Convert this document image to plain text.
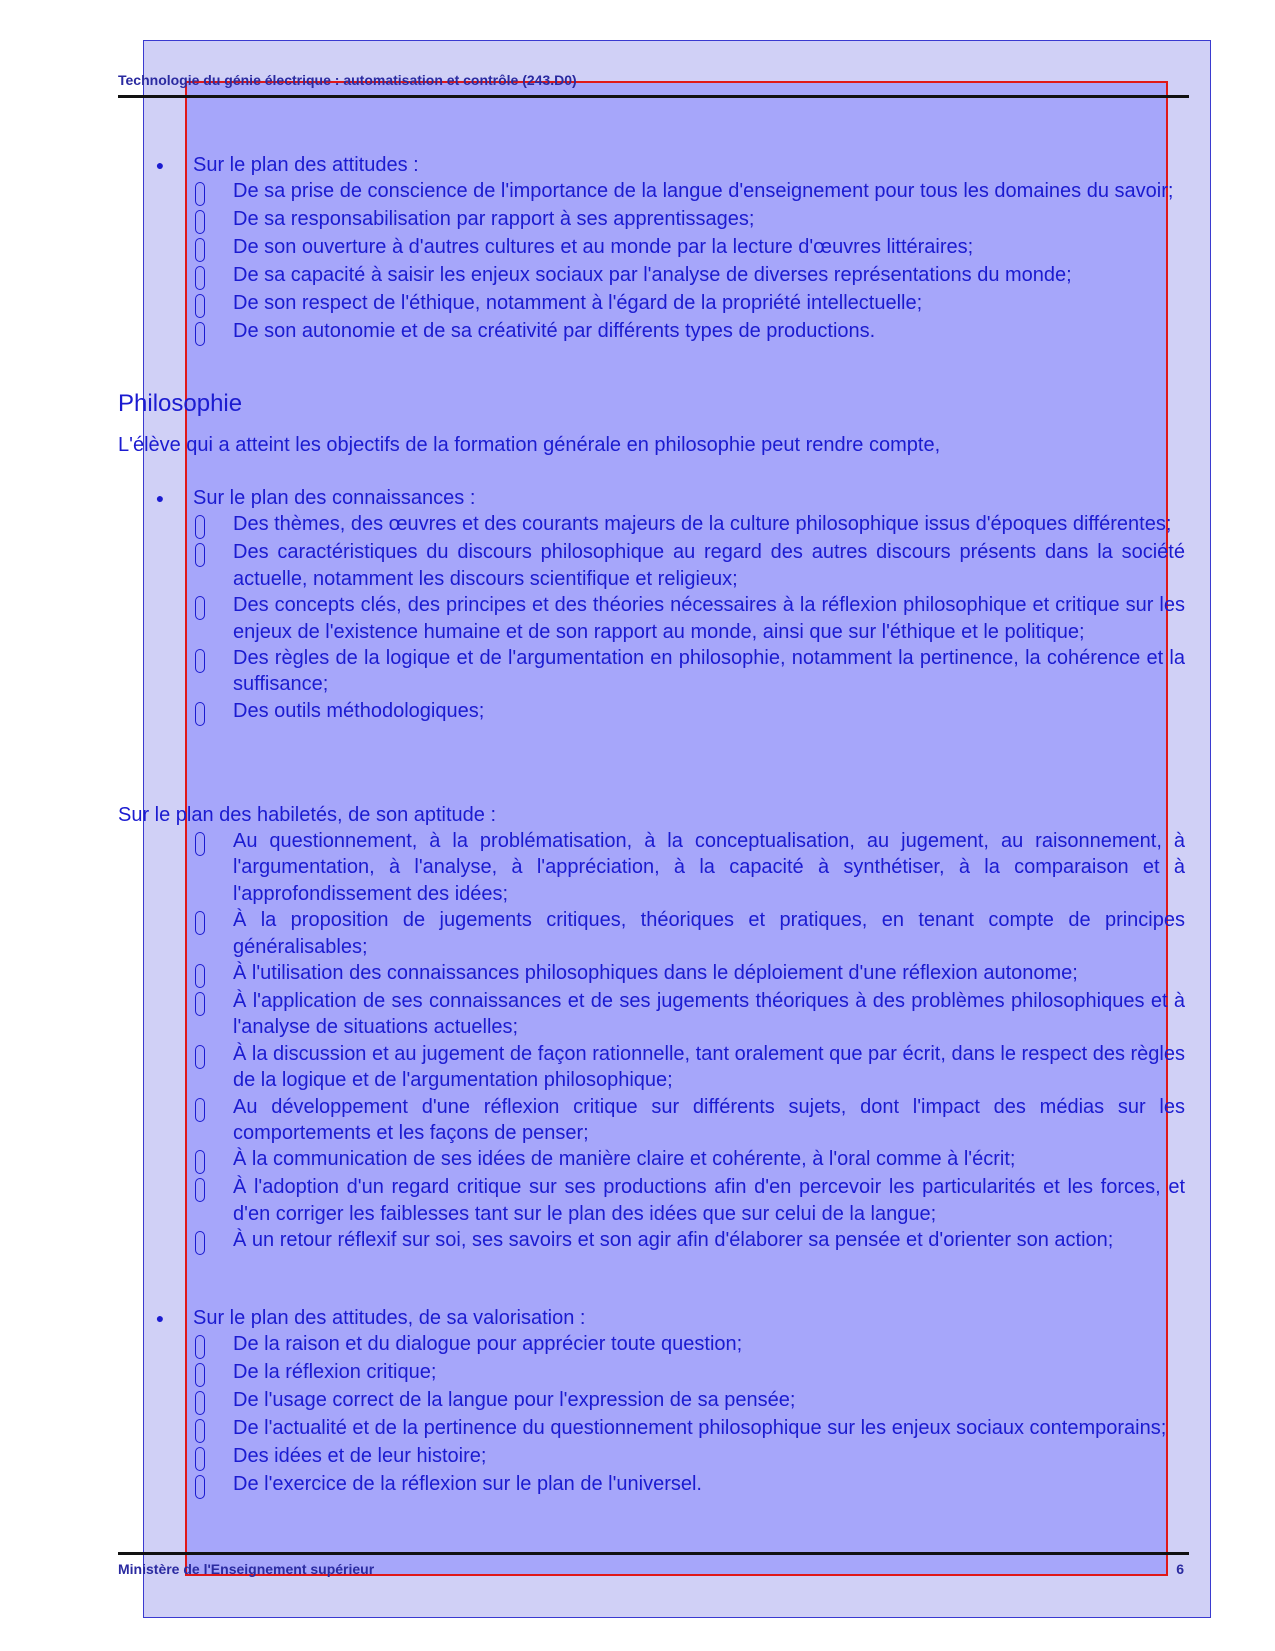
Technologie du génie électrique : automatisation et contrôle (243.D0)
● Sur le plan des attitudes :
De sa prise de conscience de l'importance de la langue d'enseignement pour tous les domaines du savoir;
De sa responsabilisation par rapport à ses apprentissages;
De son ouverture à d'autres cultures et au monde par la lecture d'œuvres littéraires;
De sa capacité à saisir les enjeux sociaux par l'analyse de diverses représentations du monde;
De son respect de l'éthique, notamment à l'égard de la propriété intellectuelle;
De son autonomie et de sa créativité par différents types de productions.
Philosophie
L'élève qui a atteint les objectifs de la formation générale en philosophie peut rendre compte,
● Sur le plan des connaissances :
Des thèmes, des œuvres et des courants majeurs de la culture philosophique issus d'époques différentes;
Des caractéristiques du discours philosophique au regard des autres discours présents dans la société actuelle, notamment les discours scientifique et religieux;
Des concepts clés, des principes et des théories nécessaires à la réflexion philosophique et critique sur les enjeux de l'existence humaine et de son rapport au monde, ainsi que sur l'éthique et le politique;
Des règles de la logique et de l'argumentation en philosophie, notamment la pertinence, la cohérence et la suffisance;
Des outils méthodologiques;
Sur le plan des habiletés, de son aptitude :
Au questionnement, à la problématisation, à la conceptualisation, au jugement, au raisonnement, à l'argumentation, à l'analyse, à l'appréciation, à la capacité à synthétiser, à la comparaison et à l'approfondissement des idées;
À la proposition de jugements critiques, théoriques et pratiques, en tenant compte de principes généralisables;
À l'utilisation des connaissances philosophiques dans le déploiement d'une réflexion autonome;
À l'application de ses connaissances et de ses jugements théoriques à des problèmes philosophiques et à l'analyse de situations actuelles;
À la discussion et au jugement de façon rationnelle, tant oralement que par écrit, dans le respect des règles de la logique et de l'argumentation philosophique;
Au développement d'une réflexion critique sur différents sujets, dont l'impact des médias sur les comportements et les façons de penser;
À la communication de ses idées de manière claire et cohérente, à l'oral comme à l'écrit;
À l'adoption d'un regard critique sur ses productions afin d'en percevoir les particularités et les forces, et d'en corriger les faiblesses tant sur le plan des idées que sur celui de la langue;
À un retour réflexif sur soi, ses savoirs et son agir afin d'élaborer sa pensée et d'orienter son action;
● Sur le plan des attitudes, de sa valorisation :
De la raison et du dialogue pour apprécier toute question;
De la réflexion critique;
De l'usage correct de la langue pour l'expression de sa pensée;
De l'actualité et de la pertinence du questionnement philosophique sur les enjeux sociaux contemporains;
Des idées et de leur histoire;
De l'exercice de la réflexion sur le plan de l'universel.
Ministère de l'Enseignement supérieur	6
